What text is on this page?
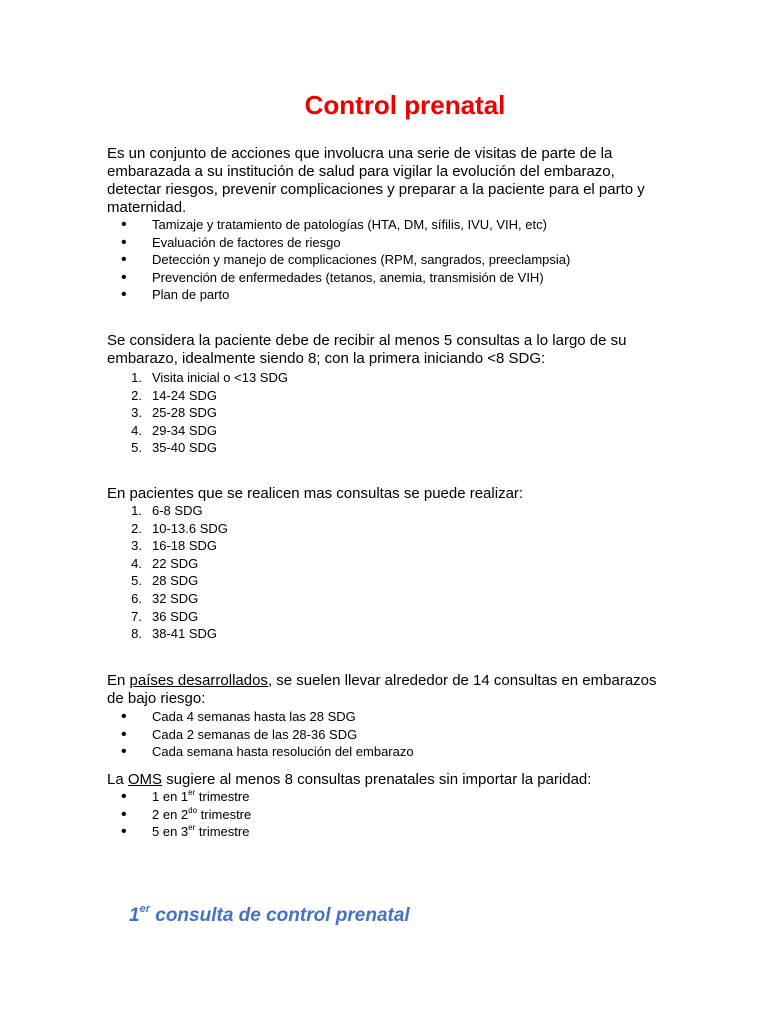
Control prenatal

Es un conjunto de acciones que involucra una serie de visitas de parte de la embarazada a su institución de salud para vigilar la evolución del embarazo, detectar riesgos, prevenir complicaciones y preparar a la paciente para el parto y maternidad.

•	Tamizaje y tratamiento de patologías (HTA, DM, sífilis, IVU, VIH, etc)
•	Evaluación de factores de riesgo
•	Detección y manejo de complicaciones (RPM, sangrados, preeclampsia)
•	Prevención de enfermedades (tetanos, anemia, transmisión de VIH)
•	Plan de parto

Se considera la paciente debe de recibir al menos 5 consultas a lo largo de su embarazo, idealmente siendo 8; con la primera iniciando <8 SDG:

1. Visita inicial o <13 SDG
2. 14-24 SDG
3. 25-28 SDG
4. 29-34 SDG
5. 35-40 SDG

En pacientes que se realicen mas consultas se puede realizar:

1. 6-8 SDG
2. 10-13.6 SDG
3. 16-18 SDG
4. 22 SDG
5. 28 SDG
6. 32 SDG
7. 36 SDG
8. 38-41 SDG

En países desarrollados, se suelen llevar alrededor de 14 consultas en embarazos de bajo riesgo:

•	Cada 4 semanas hasta las 28 SDG
•	Cada 2 semanas de las 28-36 SDG
•	Cada semana hasta resolución del embarazo

La OMS sugiere al menos 8 consultas prenatales sin importar la paridad:

•	1 en 1er trimestre
•	2 en $2^{do}$ trimestre
•	5 en 3er trimestre
1er consulta de control prenatal
